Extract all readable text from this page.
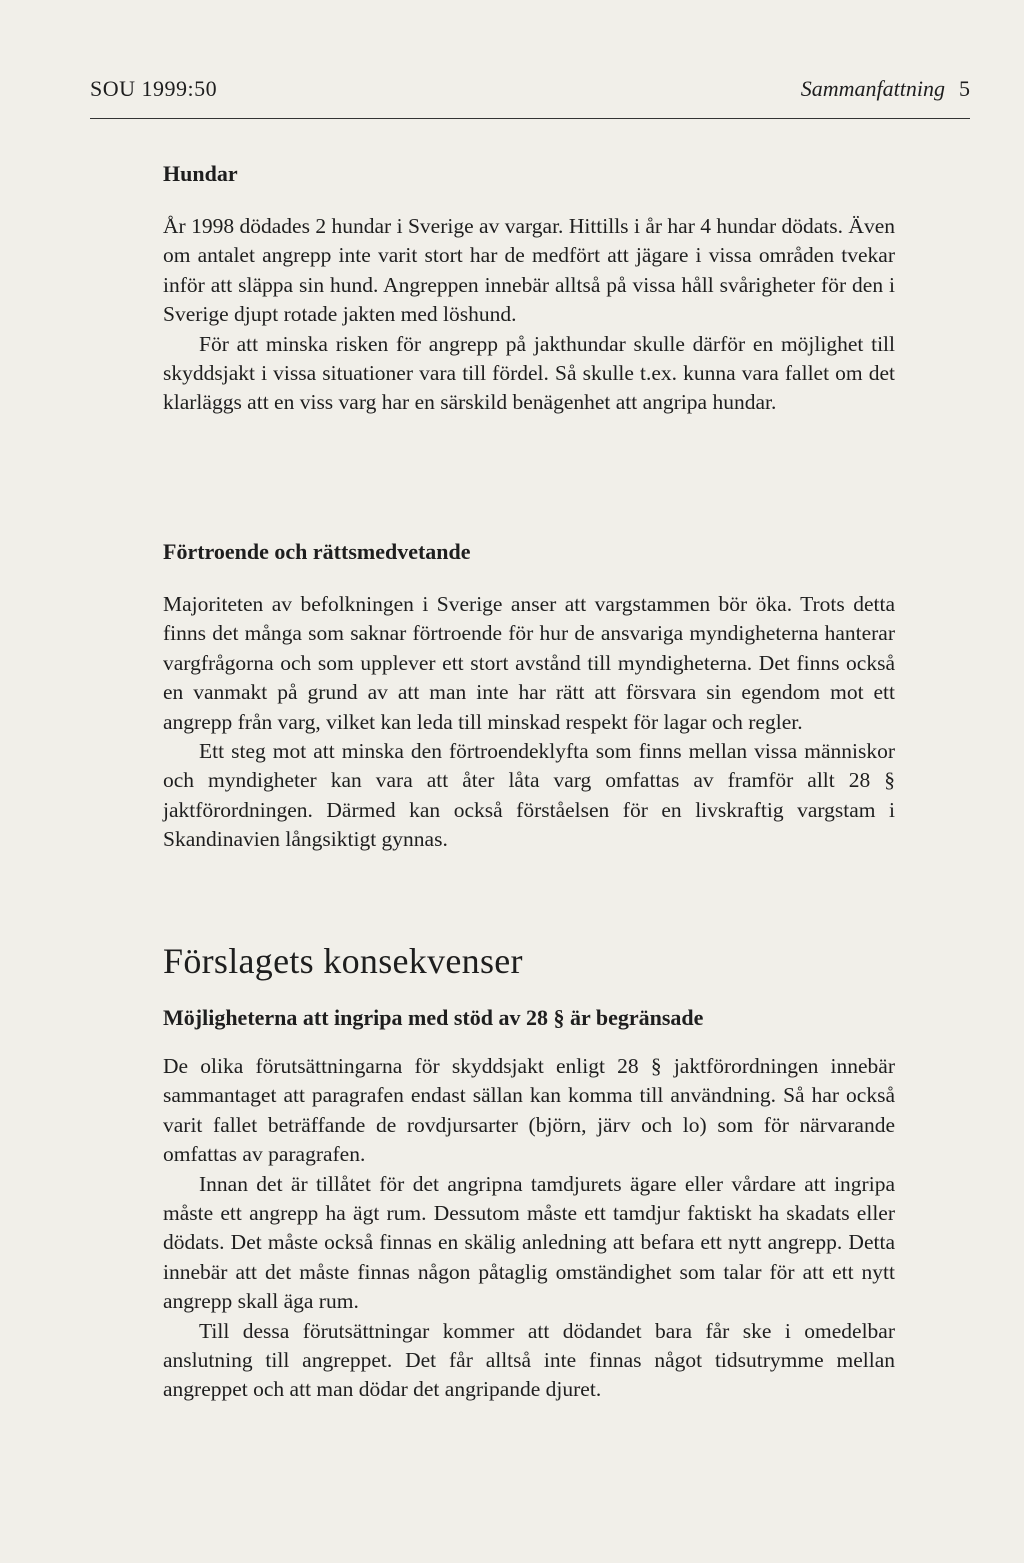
SOU 1999:50	Sammanfattning 5
Hundar

År 1998 dödades 2 hundar i Sverige av vargar. Hittills i år har 4 hundar dödats. Även om antalet angrepp inte varit stort har de medfört att jägare i vissa områden tvekar inför att släppa sin hund. Angreppen innebär alltså på vissa håll svårigheter för den i Sverige djupt rotade jakten med löshund.

För att minska risken för angrepp på jakthundar skulle därför en möjlighet till skyddsjakt i vissa situationer vara till fördel. Så skulle t.ex. kunna vara fallet om det klarläggs att en viss varg har en särskild benägenhet att angripa hundar.

Förtroende och rättsmedvetande

Majoriteten av befolkningen i Sverige anser att vargstammen bör öka. Trots detta finns det många som saknar förtroende för hur de ansvariga myndigheterna hanterar vargfrågorna och som upplever ett stort avstånd till myndigheterna. Det finns också en vanmakt på grund av att man inte har rätt att försvara sin egendom mot ett angrepp från varg, vilket kan leda till minskad respekt för lagar och regler.

Ett steg mot att minska den förtroendeklyfta som finns mellan vissa människor och myndigheter kan vara att åter låta varg omfattas av framför allt 28 § jaktförordningen. Därmed kan också förståelsen för en livskraftig vargstam i Skandinavien långsiktigt gynnas.

Förslagets konsekvenser
Möjligheterna att ingripa med stöd av 28 § är begränsade

De olika förutsättningarna för skyddsjakt enligt 28 § jaktförordningen innebär sammantaget att paragrafen endast sällan kan komma till användning. Så har också varit fallet beträffande de rovdjursarter (björn, järv och lo) som för närvarande omfattas av paragrafen.

Innan det är tillåtet för det angripna tamdjurets ägare eller vårdare att ingripa måste ett angrepp ha ägt rum. Dessutom måste ett tamdjur faktiskt ha skadats eller dödats. Det måste också finnas en skälig anledning att befara ett nytt angrepp. Detta innebär att det måste finnas någon påtaglig omständighet som talar för att ett nytt angrepp skall äga rum.

Till dessa förutsättningar kommer att dödandet bara får ske i omedelbar anslutning till angreppet. Det får alltså inte finnas något tidsutrymme mellan angreppet och att man dödar det angripande djuret.
